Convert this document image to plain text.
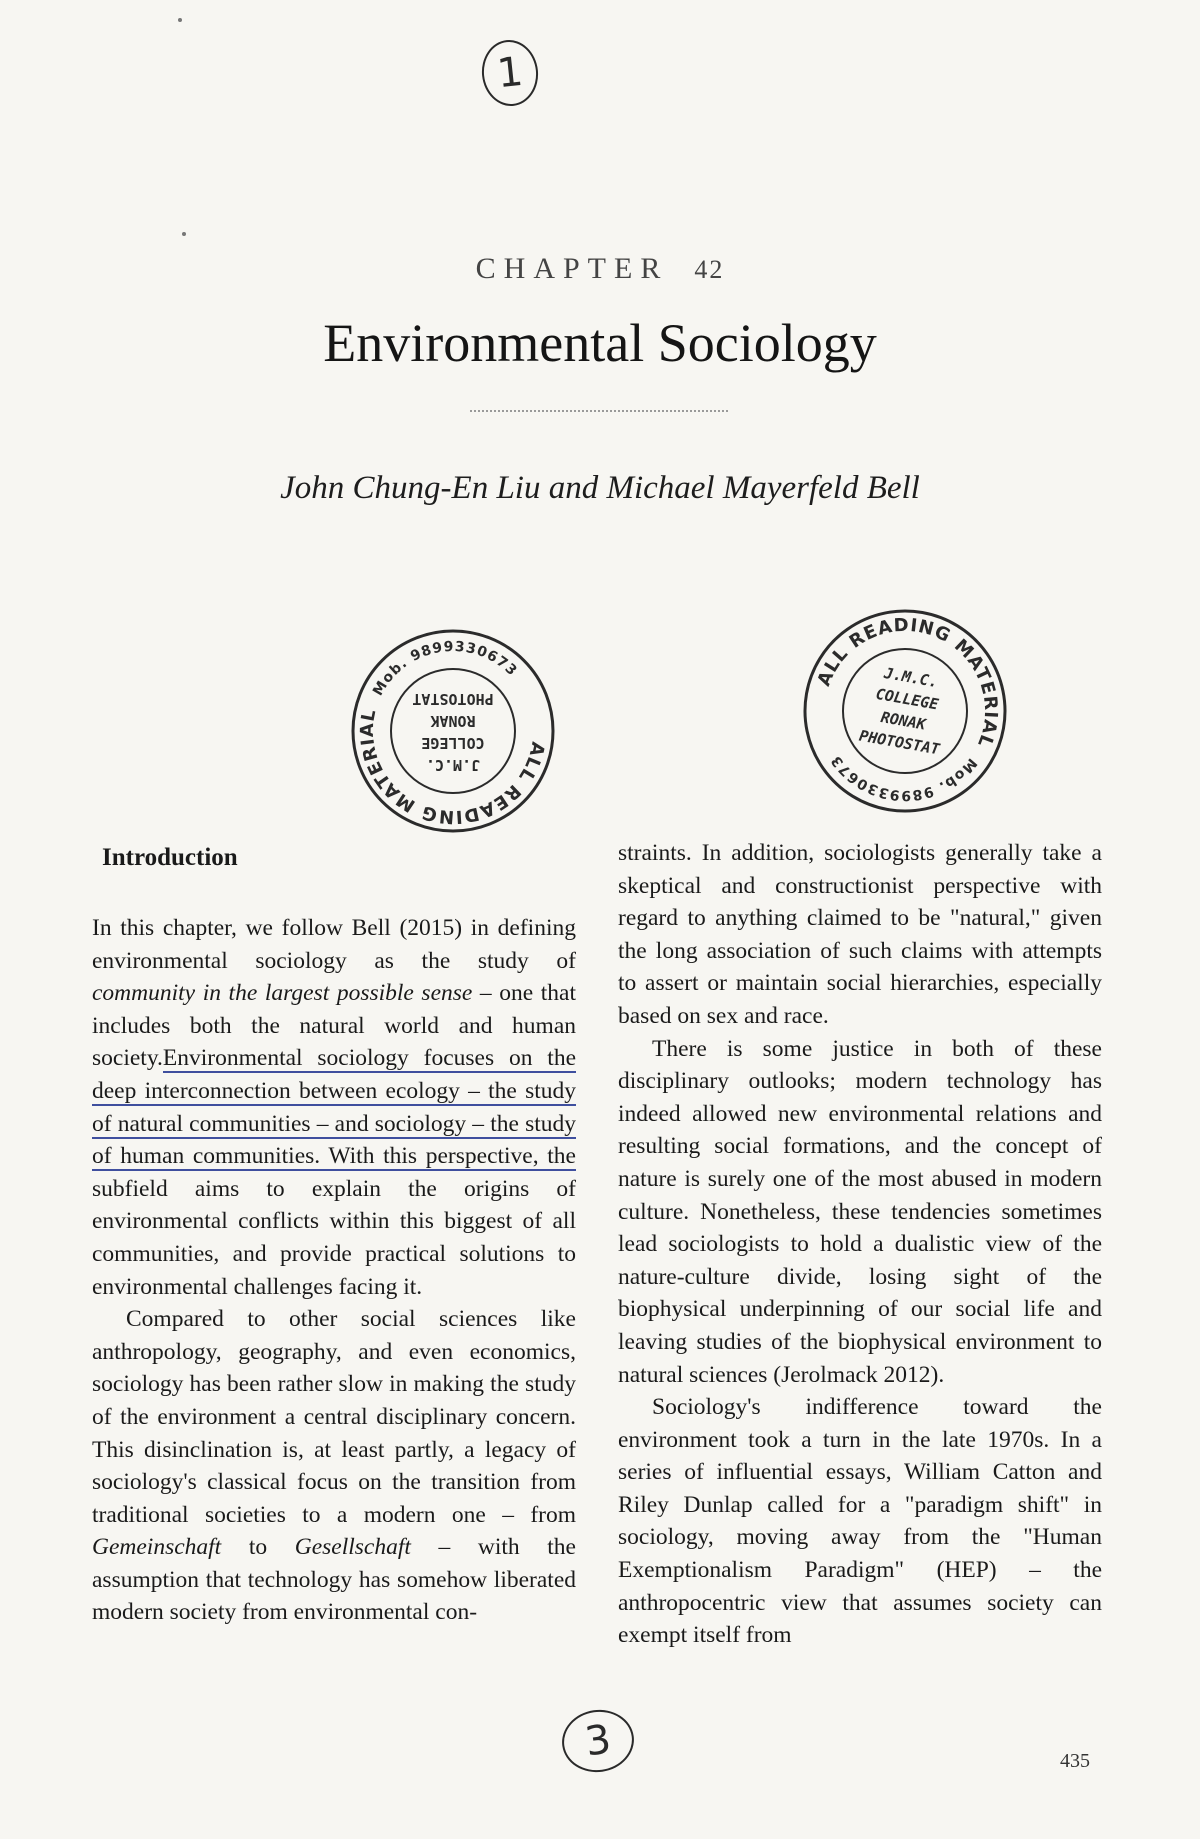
1
CHAPTER 42
Environmental Sociology
John Chung-En Liu and Michael Mayerfeld Bell
ALL READING MATERIALMob. 9899330673
J.M.C.
COLLEGE
RONAK
PHOTOSTAT
ALL READING MATERIALMob. 9899330673
J.M.C.
COLLEGE
RONAK
PHOTOSTAT
Introduction

In this chapter, we follow Bell (2015) in defining environmental sociology as the study of community in the largest possible sense – one that includes both the natural world and human society.Environmental sociology focuses on the deep interconnection between ecology – the study of natural communities – and sociology – the study of human communities. With this perspective, the subfield aims to explain the origins of environmental conflicts within this biggest of all communities, and provide practical solutions to environmental challenges facing it.

Compared to other social sciences like anthropology, geography, and even economics, sociology has been rather slow in making the study of the environment a central disciplinary concern. This disinclination is, at least partly, a legacy of sociology's classical focus on the transition from traditional societies to a modern one – from Gemeinschaft to Gesellschaft – with the assumption that technology has somehow liberated modern society from environmental con-

straints. In addition, sociologists generally take a skeptical and constructionist perspective with regard to anything claimed to be "natural," given the long association of such claims with attempts to assert or maintain social hierarchies, especially based on sex and race.

There is some justice in both of these disciplinary outlooks; modern technology has indeed allowed new environmental relations and resulting social formations, and the concept of nature is surely one of the most abused in modern culture. Nonetheless, these tendencies sometimes lead sociologists to hold a dualistic view of the nature-culture divide, losing sight of the biophysical underpinning of our social life and leaving studies of the biophysical environment to natural sciences (Jerolmack 2012).

Sociology's indifference toward the environment took a turn in the late 1970s. In a series of influential essays, William Catton and Riley Dunlap called for a "paradigm shift" in sociology, moving away from the "Human Exemptionalism Paradigm" (HEP) – the anthropocentric view that assumes society can exempt itself from

3	435
